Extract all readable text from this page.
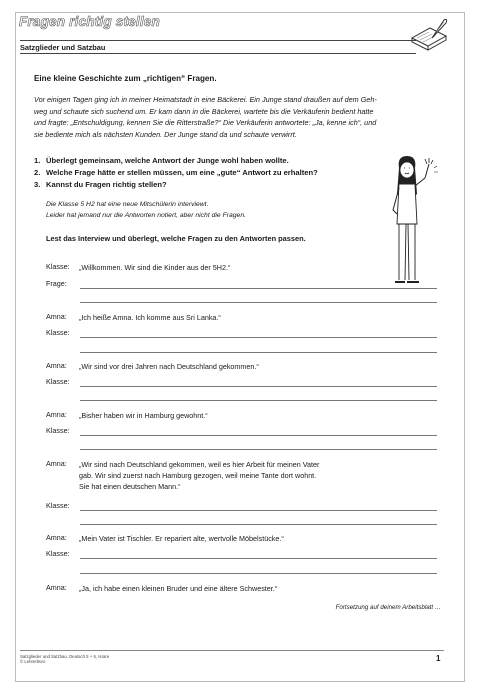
Fragen richtig stellen
Satzglieder und Satzbau
Eine kleine Geschichte zum „richtigen“ Fragen.

Vor einigen Tagen ging ich in meiner Heimatstadt in eine Bäckerei. Ein Junge stand draußen auf dem Geh-
weg und schaute sich suchend um. Er kam dann in die Bäckerei, wartete bis die Verkäuferin bedient hatte
und fragte: „Entschuldigung, kennen Sie die Ritterstraße?“ Die Verkäuferin antwortete: „Ja, kenne ich“, und
sie bediente mich als nächsten Kunden. Der Junge stand da und schaute verwirrt.

1. Überlegt gemeinsam, welche Antwort der Junge wohl haben wollte.
2. Welche Frage hätte er stellen müssen, um eine „gute“ Antwort zu erhalten?
3. Kannst du Fragen richtig stellen?
Die Klasse 5 H2 hat eine neue Mitschülerin interviewt.
Leider hat jemand nur die Antworten notiert, aber nicht die Fragen.
Lest das Interview und überlegt, welche Fragen zu den Antworten passen.
Klasse:	„Willkommen. Wir sind die Kinder aus der 5H2.“
Frage:
Amna:	„Ich heiße Amna. Ich komme aus Sri Lanka.“
Klasse:
Amna:	„Wir sind vor drei Jahren nach Deutschland gekommen.“
Klasse:
Amna:	„Bisher haben wir in Hamburg gewohnt.“
Klasse:
Amna:	„Wir sind nach Deutschland gekommen, weil es hier Arbeit für meinen Vater
gab. Wir sind zuerst nach Hamburg gezogen, weil meine Tante dort wohnt.
Sie hat einen deutschen Mann.“
Klasse:
Amna:	„Mein Vater ist Tischler. Er repariert alte, wertvolle Möbelstücke.“
Klasse:
Amna:	„Ja, ich habe einen kleinen Bruder und eine ältere Schwester.“
Fortsetzung auf deinem Arbeitsblatt …
Satzglieder und Satzbau, Deutsch 5 + 6, Israre
© Lehrerbüro	1
